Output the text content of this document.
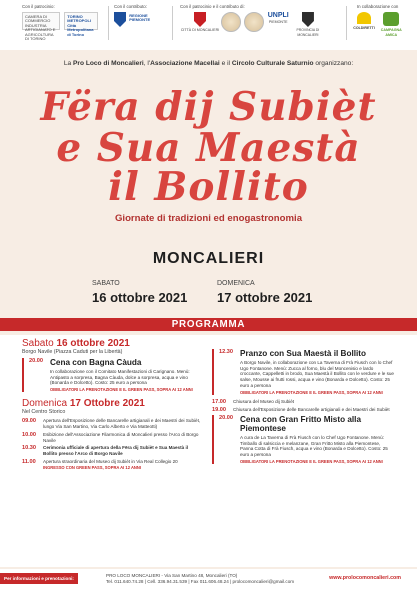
Con il patrocinio:
CAMERA DI COMMERCIO INDUSTRIA ARTIGIANATO E AGRICOLTURA DI TORINO TORINO METROPOLI
Città Metropolitana di Torino
Con il contributo:
REGIONE PIEMONTE
Con il patrocinio e il contributo di:

CITTÀ DI MONCALIERI
UNPLI
PIEMONTE
PROVINCIA DI MONCALIERI
In collaborazione con

COLDIRETTI CAMPAGNA AMICA
La Pro Loco di Moncalieri, l'Associazione Macellai e il Circolo Culturale Saturnio organizzano:
Fëra dij Subièt
e Sua Maestà
il Bollito
Giornate di tradizioni ed enogastronomia
MONCALIERI
SABATO
16 ottobre 2021
DOMENICA
17 ottobre 2021
PROGRAMMA
Sabato 16 ottobre 2021
Borgo Navile (Piazza Caduti per la Libertà)
20.00 Cena con Bagna Càuda
In collaborazione con il Comitato Manifestazioni di Carignano. Menù: Antipasto a sorpresa, Bagna Càuda, dolce a sorpresa, acqua e vino (Bonarda e Dolcetto). Costo: 25 euro a persona
OBBLIGATORI LA PRENOTAZIONE E IL GREEN PASS, SOPRA AI 12 ANNI
Domenica 17 Ottobre 2021
Nel Centro Storico
09.00	Apertura dell'Esposizione delle Bancarelle artigianali e dei Maestri dei Subièt, lungo Via San Martino, Via Carlo Alberto e Via Matteotti)
10.00	Esibizione dell'Associazione Filarmonica di Moncalieri presso l'Arco di Borgo Navile
10.30	Cerimonia ufficiale di apertura della Fëra dij Subièt e Sua Maestà il Bollito presso l'Arco di Borgo Navile
11.00	Apertura straordinaria del Museo dij Subièt in Via Real Collegio 20
INGRESSO CON GREEN PASS, SOPRA AI 12 ANNI
12.30 Pranzo con Sua Maestà il Bollito
A Borgo Navile, in collaborazione con La Taverna di Frà Fiusch con lo Chef Ugo Fontanone. Menù: Zucca al forno, blu del Moncenisio e lardo croccante, Cappelletti in brodo, Sua Maestà il Bollito con le verdure e le sue salse, Mousse ai frutti rossi, acqua e vino (Bonarda e Dolcetto). Costo: 25 euro a persona
OBBLIGATORI LA PRENOTAZIONE E IL GREEN PASS, SOPRA AI 12 ANNI
17.00	Chiusura del Museo dij Subièt
19.00	Chiusura dell'Esposizione delle Bancarelle artigianali e dei Maestri dei Subièt
20.00 Cena con Gran Fritto Misto alla Piemontese
A cura de La Taverna di Frà Fiusch con lo Chef Ugo Fontanone. Menù: Timballo di salsiccia e melanzane, Gran Fritto Misto alla Piemontese, Panna Cotta di Frà Fiusch, acqua e vino (Bonarda e Dolcetto). Costo: 25 euro a persona
OBBLIGATORI LA PRENOTAZIONE E IL GREEN PASS, SOPRA AI 12 ANNI
Per informazioni e prenotazioni:
PRO LOCO MONCALIERI - Via San Martino 48, Moncalieri (TO)
Tel. 011.640.74.28 | Cell. 336.94.31.539 | Fax 011.606.48.24 | prolocomoncalieri@gmail.com
www.prolocomoncalieri.com
